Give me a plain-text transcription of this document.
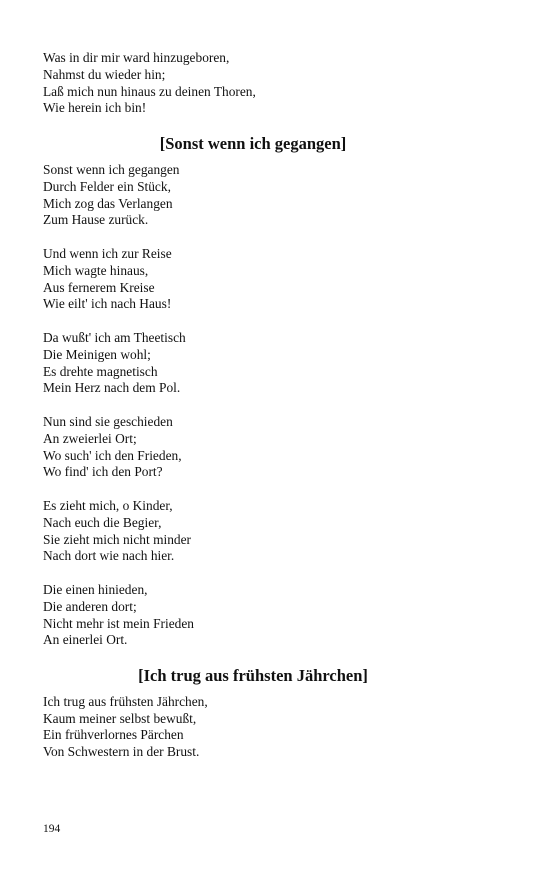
Was in dir mir ward hinzugeboren,
Nahmst du wieder hin;
Laß mich nun hinaus zu deinen Thoren,
Wie herein ich bin!
[Sonst wenn ich gegangen]
Sonst wenn ich gegangen
Durch Felder ein Stück,
Mich zog das Verlangen
Zum Hause zurück.
Und wenn ich zur Reise
Mich wagte hinaus,
Aus fernerem Kreise
Wie eilt' ich nach Haus!
Da wußt' ich am Theetisch
Die Meinigen wohl;
Es drehte magnetisch
Mein Herz nach dem Pol.
Nun sind sie geschieden
An zweierlei Ort;
Wo such' ich den Frieden,
Wo find' ich den Port?
Es zieht mich, o Kinder,
Nach euch die Begier,
Sie zieht mich nicht minder
Nach dort wie nach hier.
Die einen hinieden,
Die anderen dort;
Nicht mehr ist mein Frieden
An einerlei Ort.
[Ich trug aus frühsten Jährchen]
Ich trug aus frühsten Jährchen,
Kaum meiner selbst bewußt,
Ein frühverlornes Pärchen
Von Schwestern in der Brust.
194
